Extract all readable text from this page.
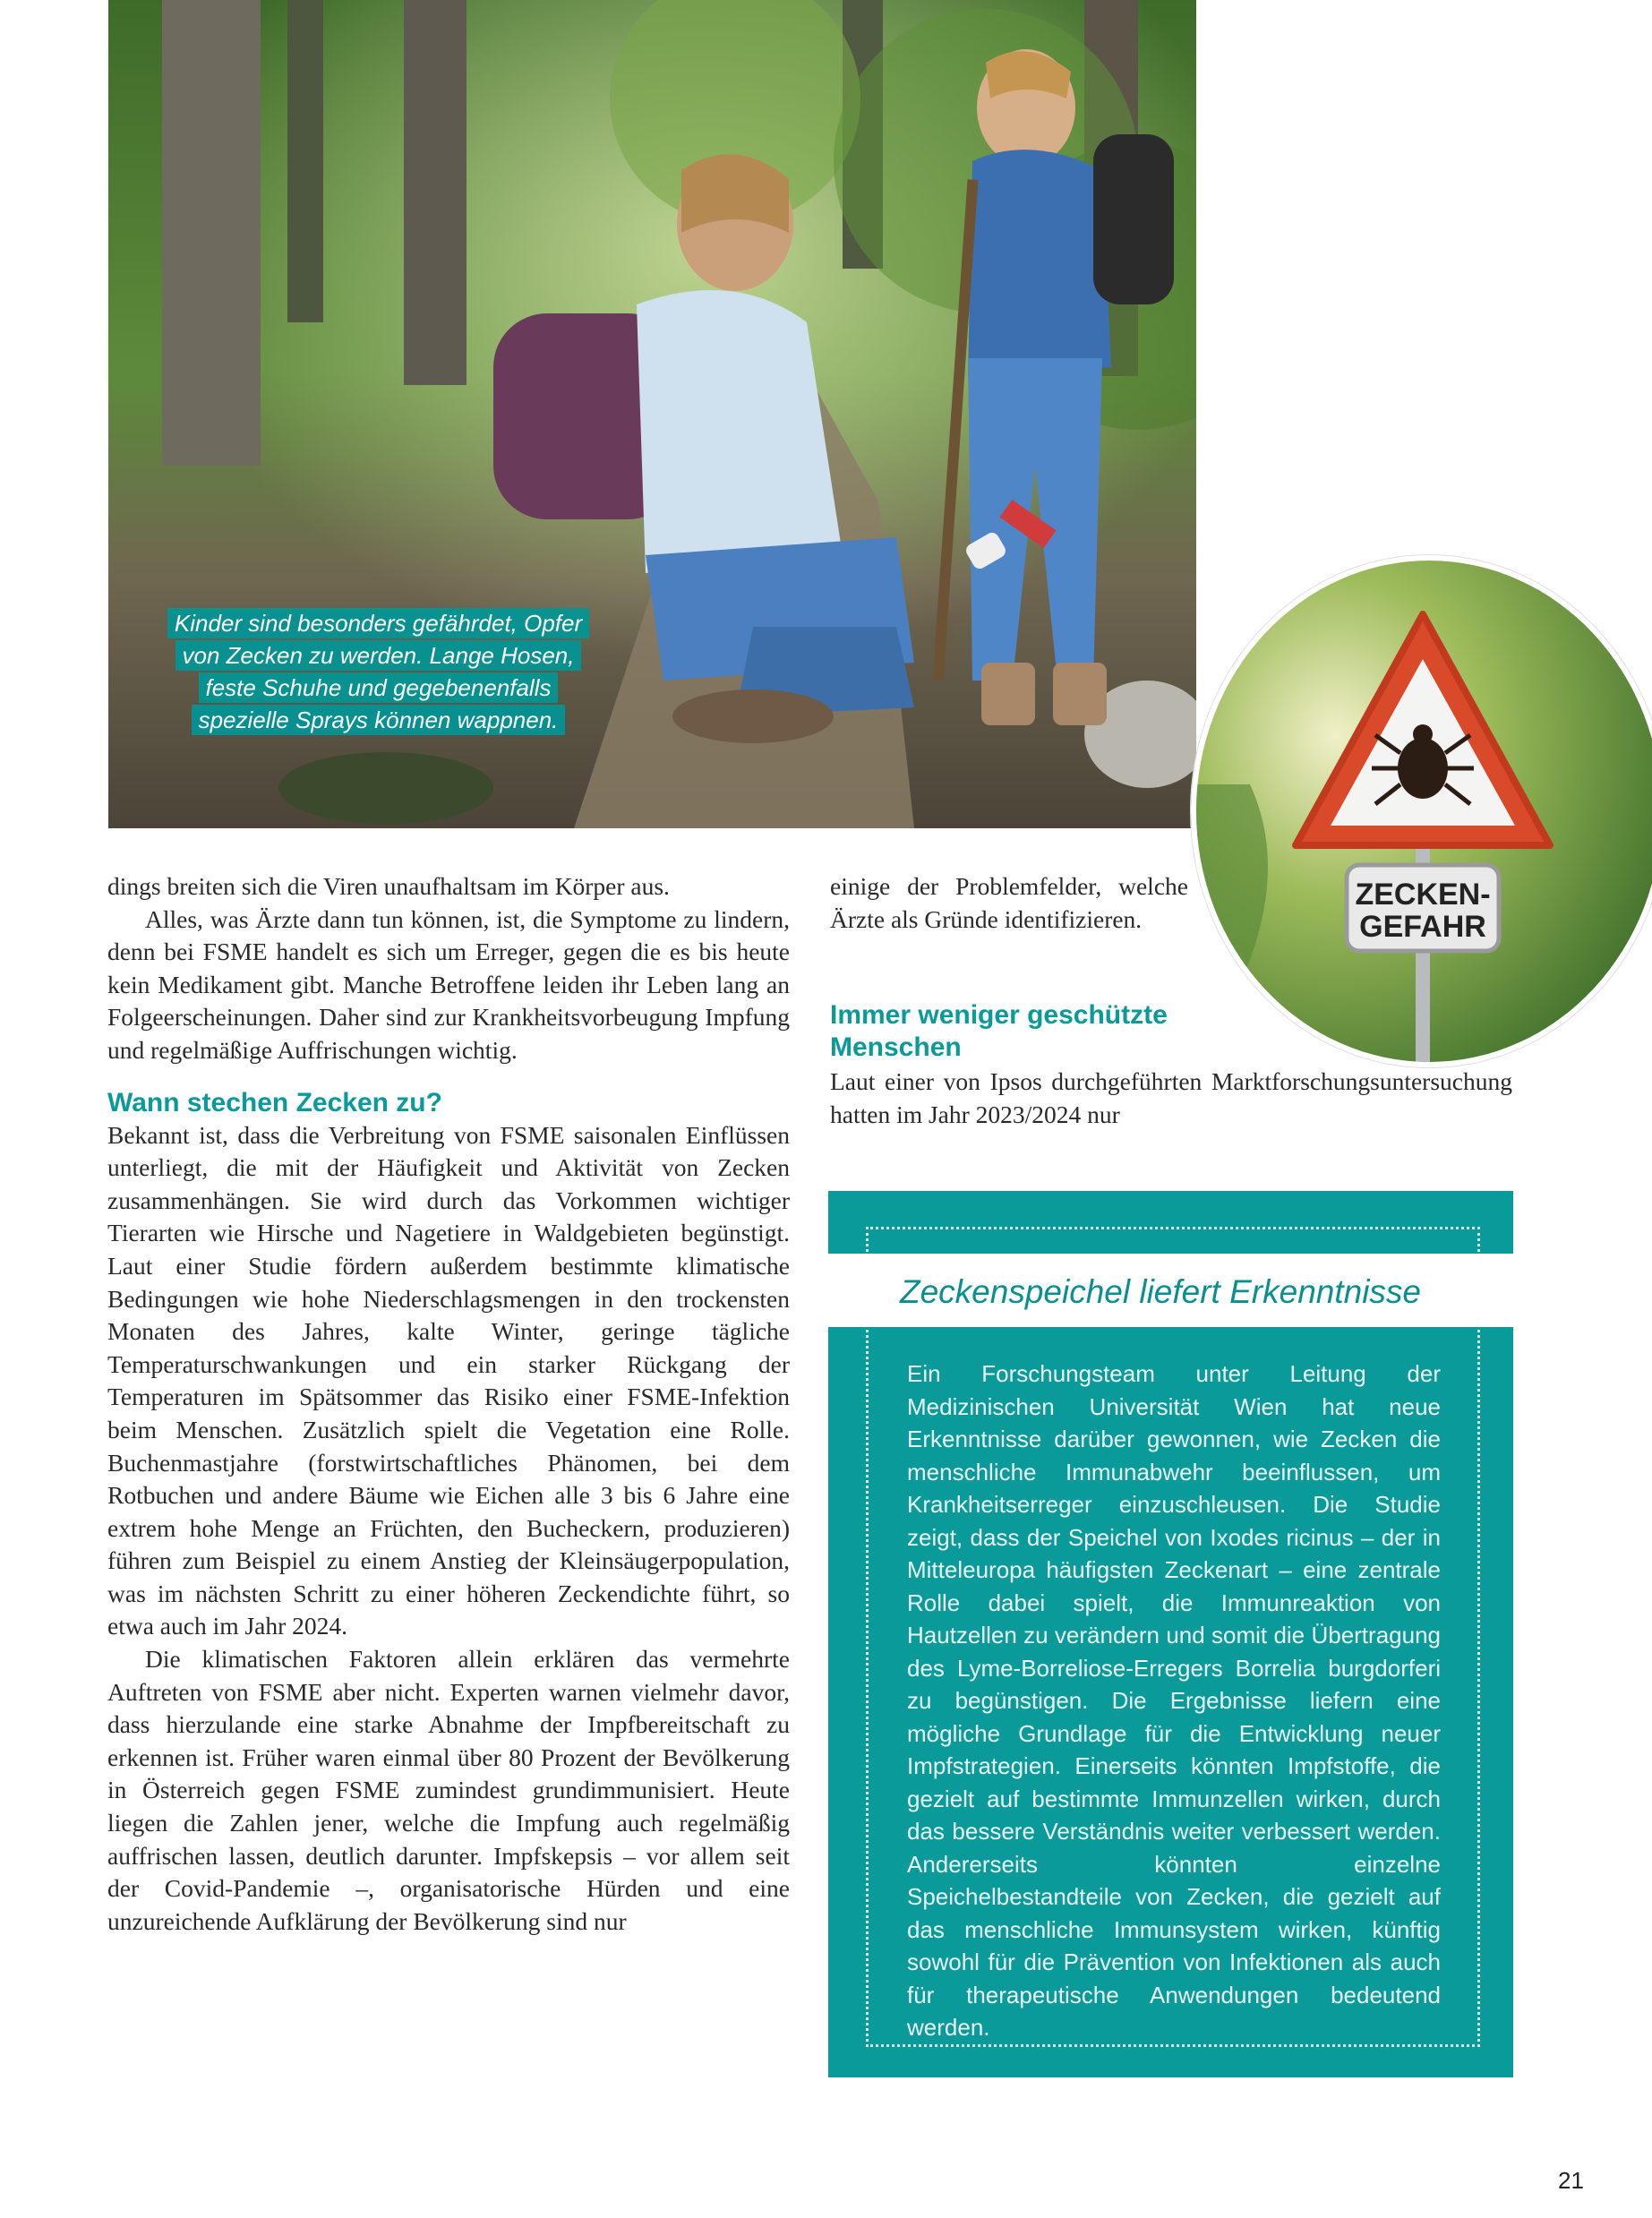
Kinder sind besonders gefährdet, Opfer
von Zecken zu werden. Lange Hosen,
feste Schuhe und gegebenenfalls
spezielle Sprays können wappnen.
ZECKEN-
GEFAHR

dings breiten sich die Viren unaufhaltsam im Körper aus.

Alles, was Ärzte dann tun können, ist, die Symptome zu lindern, denn bei FSME handelt es sich um Erreger, gegen die es bis heute kein Medikament gibt. Manche Betroffene leiden ihr Leben lang an Folgeerscheinungen. Daher sind zur Krankheitsvorbeugung Impfung und regelmäßige Auffrischungen wichtig.

Wann stechen Zecken zu?

Bekannt ist, dass die Verbreitung von FSME saisonalen Einflüssen unterliegt, die mit der Häufigkeit und Aktivität von Zecken zusammenhängen. Sie wird durch das Vorkommen wichtiger Tierarten wie Hirsche und Nagetiere in Waldgebieten begünstigt. Laut einer Studie fördern außerdem bestimmte klimatische Bedingungen wie hohe Niederschlagsmengen in den trockensten Monaten des Jahres, kalte Winter, geringe tägliche Temperaturschwankungen und ein starker Rückgang der Temperaturen im Spätsommer das Risiko einer FSME-Infektion beim Menschen. Zusätzlich spielt die Vegetation eine Rolle. Buchenmastjahre (forstwirtschaftliches Phänomen, bei dem Rotbuchen und andere Bäume wie Eichen alle 3 bis 6 Jahre eine extrem hohe Menge an Früchten, den Bucheckern, produzieren) führen zum Beispiel zu einem Anstieg der Kleinsäugerpopulation, was im nächsten Schritt zu einer höheren Zeckendichte führt, so etwa auch im Jahr 2024.

Die klimatischen Faktoren allein erklären das vermehrte Auftreten von FSME aber nicht. Experten warnen vielmehr davor, dass hierzulande eine starke Abnahme der Impfbereitschaft zu erkennen ist. Früher waren einmal über 80 Prozent der Bevölkerung in Österreich gegen FSME zumindest grundimmunisiert. Heute liegen die Zahlen jener, welche die Impfung auch regelmäßig auffrischen lassen, deutlich darunter. Impfskepsis – vor allem seit der Covid-Pandemie –, organisatorische Hürden und eine unzureichende Aufklärung der Bevölkerung sind nur

einige der Problemfelder, welche Ärzte als Gründe identifizieren.

Immer weniger geschützte Menschen

Laut einer von Ipsos durchgeführten Marktforschungsuntersuchung hatten im Jahr 2023/2024 nur

Zeckenspeichel liefert Erkenntnisse
Ein Forschungsteam unter Leitung der Medizinischen Universität Wien hat neue Erkenntnisse darüber gewonnen, wie Zecken die menschliche Immunabwehr beeinflussen, um Krankheitserreger einzuschleusen. Die Studie zeigt, dass der Speichel von Ixodes ricinus – der in Mitteleuropa häufigsten Zeckenart – eine zentrale Rolle dabei spielt, die Immunreaktion von Hautzellen zu verändern und somit die Übertragung des Lyme-Borreliose-Erregers Borrelia burgdorferi zu begünstigen. Die Ergebnisse liefern eine mögliche Grundlage für die Entwicklung neuer Impfstrategien. Einerseits könnten Impfstoffe, die gezielt auf bestimmte Immunzellen wirken, durch das bessere Verständnis weiter verbessert werden. Andererseits könnten einzelne Speichelbestandteile von Zecken, die gezielt auf das menschliche Immunsystem wirken, künftig sowohl für die Prävention von Infektionen als auch für therapeutische Anwendungen bedeutend werden.
21
